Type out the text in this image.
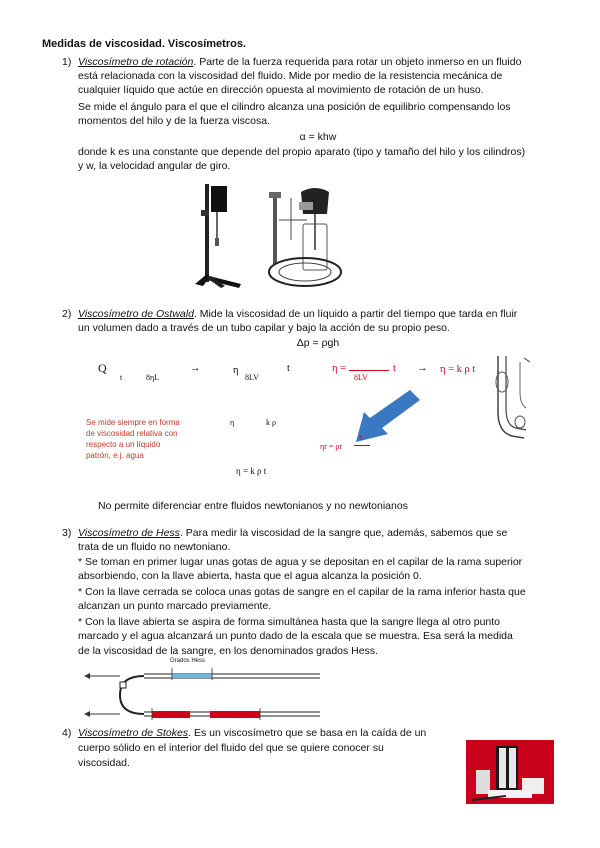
Medidas de viscosidad. Viscosímetros.
1) Viscosímetro de rotación. Parte de la fuerza requerida para rotar un objeto inmerso en un fluido
está relacionada con la viscosidad del fluido. Mide por medio de la resistencia mecánica de
cualquier líquido que actúe en dirección opuesta al movimiento de rotación de un huso.
Se mide el ángulo para el que el cilindro alcanza una posición de equilibrio compensando los
momentos del hilo y de la fuerza viscosa.
α = khw
donde k es una constante que depende del propio aparato (tipo y tamaño del hilo y los cilindros)
y w, la velocidad angular de giro.
2) Viscosímetro de Ostwald. Mide la viscosidad de un líquido a partir del tiempo que tarda en fluir
un volumen dado a través de un tubo capilar y bajo la acción de su propio peso.
Δp = ρgh
Q
t	8ηL
→	η
8LV
t	η =
8LV
t → η = k ρ t
Se mide siempre en forma
de viscosidad relativa con
respecto a un líquido
patrón, e.j. agua
η	k ρ
ηr = ρr
t
η = k ρ t
No permite diferenciar entre fluidos newtonianos y no newtonianos
3) Viscosímetro de Hess. Para medir la viscosidad de la sangre que, además, sabemos que se
trata de un fluido no newtoniano.
* Se toman en primer lugar unas gotas de agua y se depositan en el capilar de la rama superior
absorbiendo, con la llave abierta, hasta que el agua alcanza la posición 0.
* Con la llave cerrada se coloca unas gotas de sangre en el capilar de la rama inferior hasta que
alcanzan un punto marcado previamente.
* Con la llave abierta se aspira de forma simultánea hasta que la sangre llega al otro punto
marcado y el agua alcanzará un punto dado de la escala que se muestra. Esa será la medida
de la viscosidad de la sangre, en los denominados grados Hess.
Grados Hess
4) Viscosímetro de Stokes. Es un viscosímetro que se basa en la caída de un
cuerpo sólido en el interior del fluido del que se quiere conocer su
viscosidad.
